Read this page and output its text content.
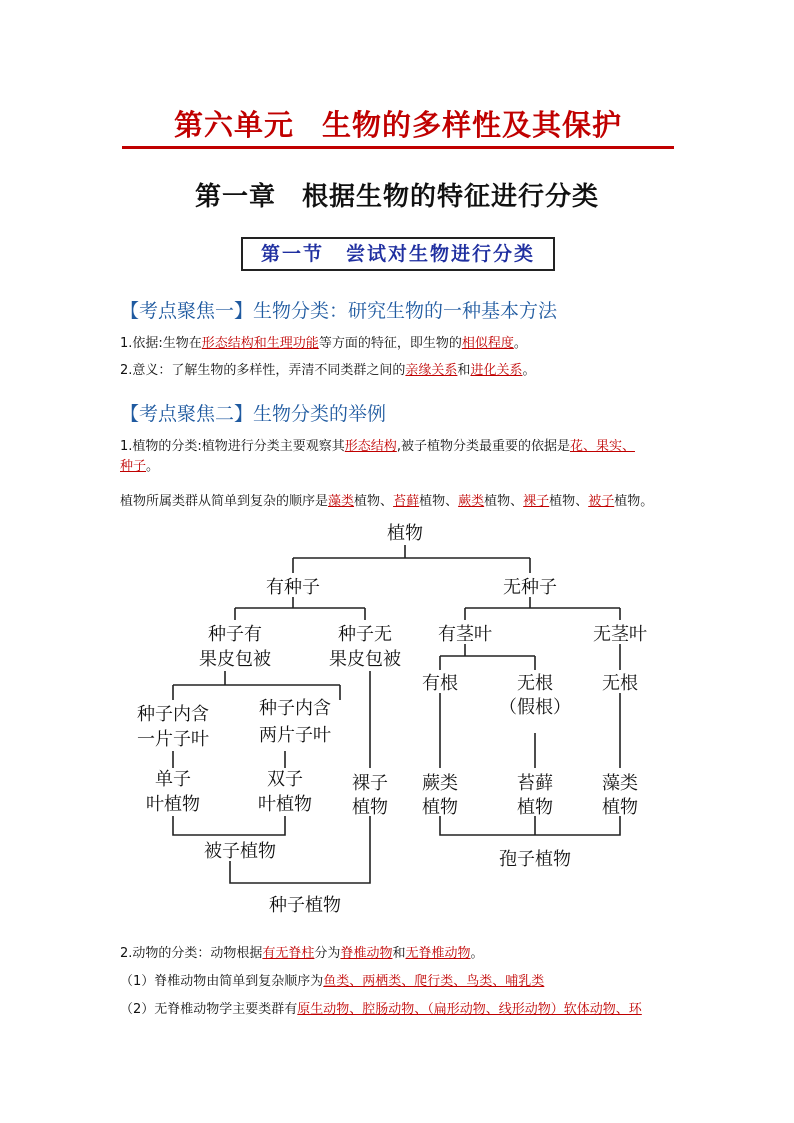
第六单元 生物的多样性及其保护
第一章 根据生物的特征进行分类
第一节 尝试对生物进行分类
【考点聚焦一】生物分类：研究生物的一种基本方法
1.依据:生物在形态结构和生理功能等方面的特征，即生物的相似程度。
2.意义：了解生物的多样性，弄清不同类群之间的亲缘关系和进化关系。
【考点聚焦二】生物分类的举例
1.植物的分类:植物进行分类主要观察其形态结构,被子植物分类最重要的依据是花、果实、
种子。
植物所属类群从简单到复杂的顺序是藻类植物、苔藓植物、蕨类植物、裸子植物、被子植物。
植物
有种子	无种子
种子有
果皮包被
种子无
果皮包被
有茎叶	无茎叶
种子内含
一片子叶
种子内含
两片子叶
有根	无根
（假根）
无根
单子
叶植物
双子
叶植物
裸子
植物
蕨类
植物
苔藓
植物
藻类
植物
被子植物	孢子植物
种子植物
2.动物的分类：动物根据有无脊柱分为脊椎动物和无脊椎动物。
（1）脊椎动物由简单到复杂顺序为鱼类、两栖类、爬行类、鸟类、哺乳类
（2）无脊椎动物学主要类群有原生动物、腔肠动物、（扁形动物、线形动物）软体动物、环
